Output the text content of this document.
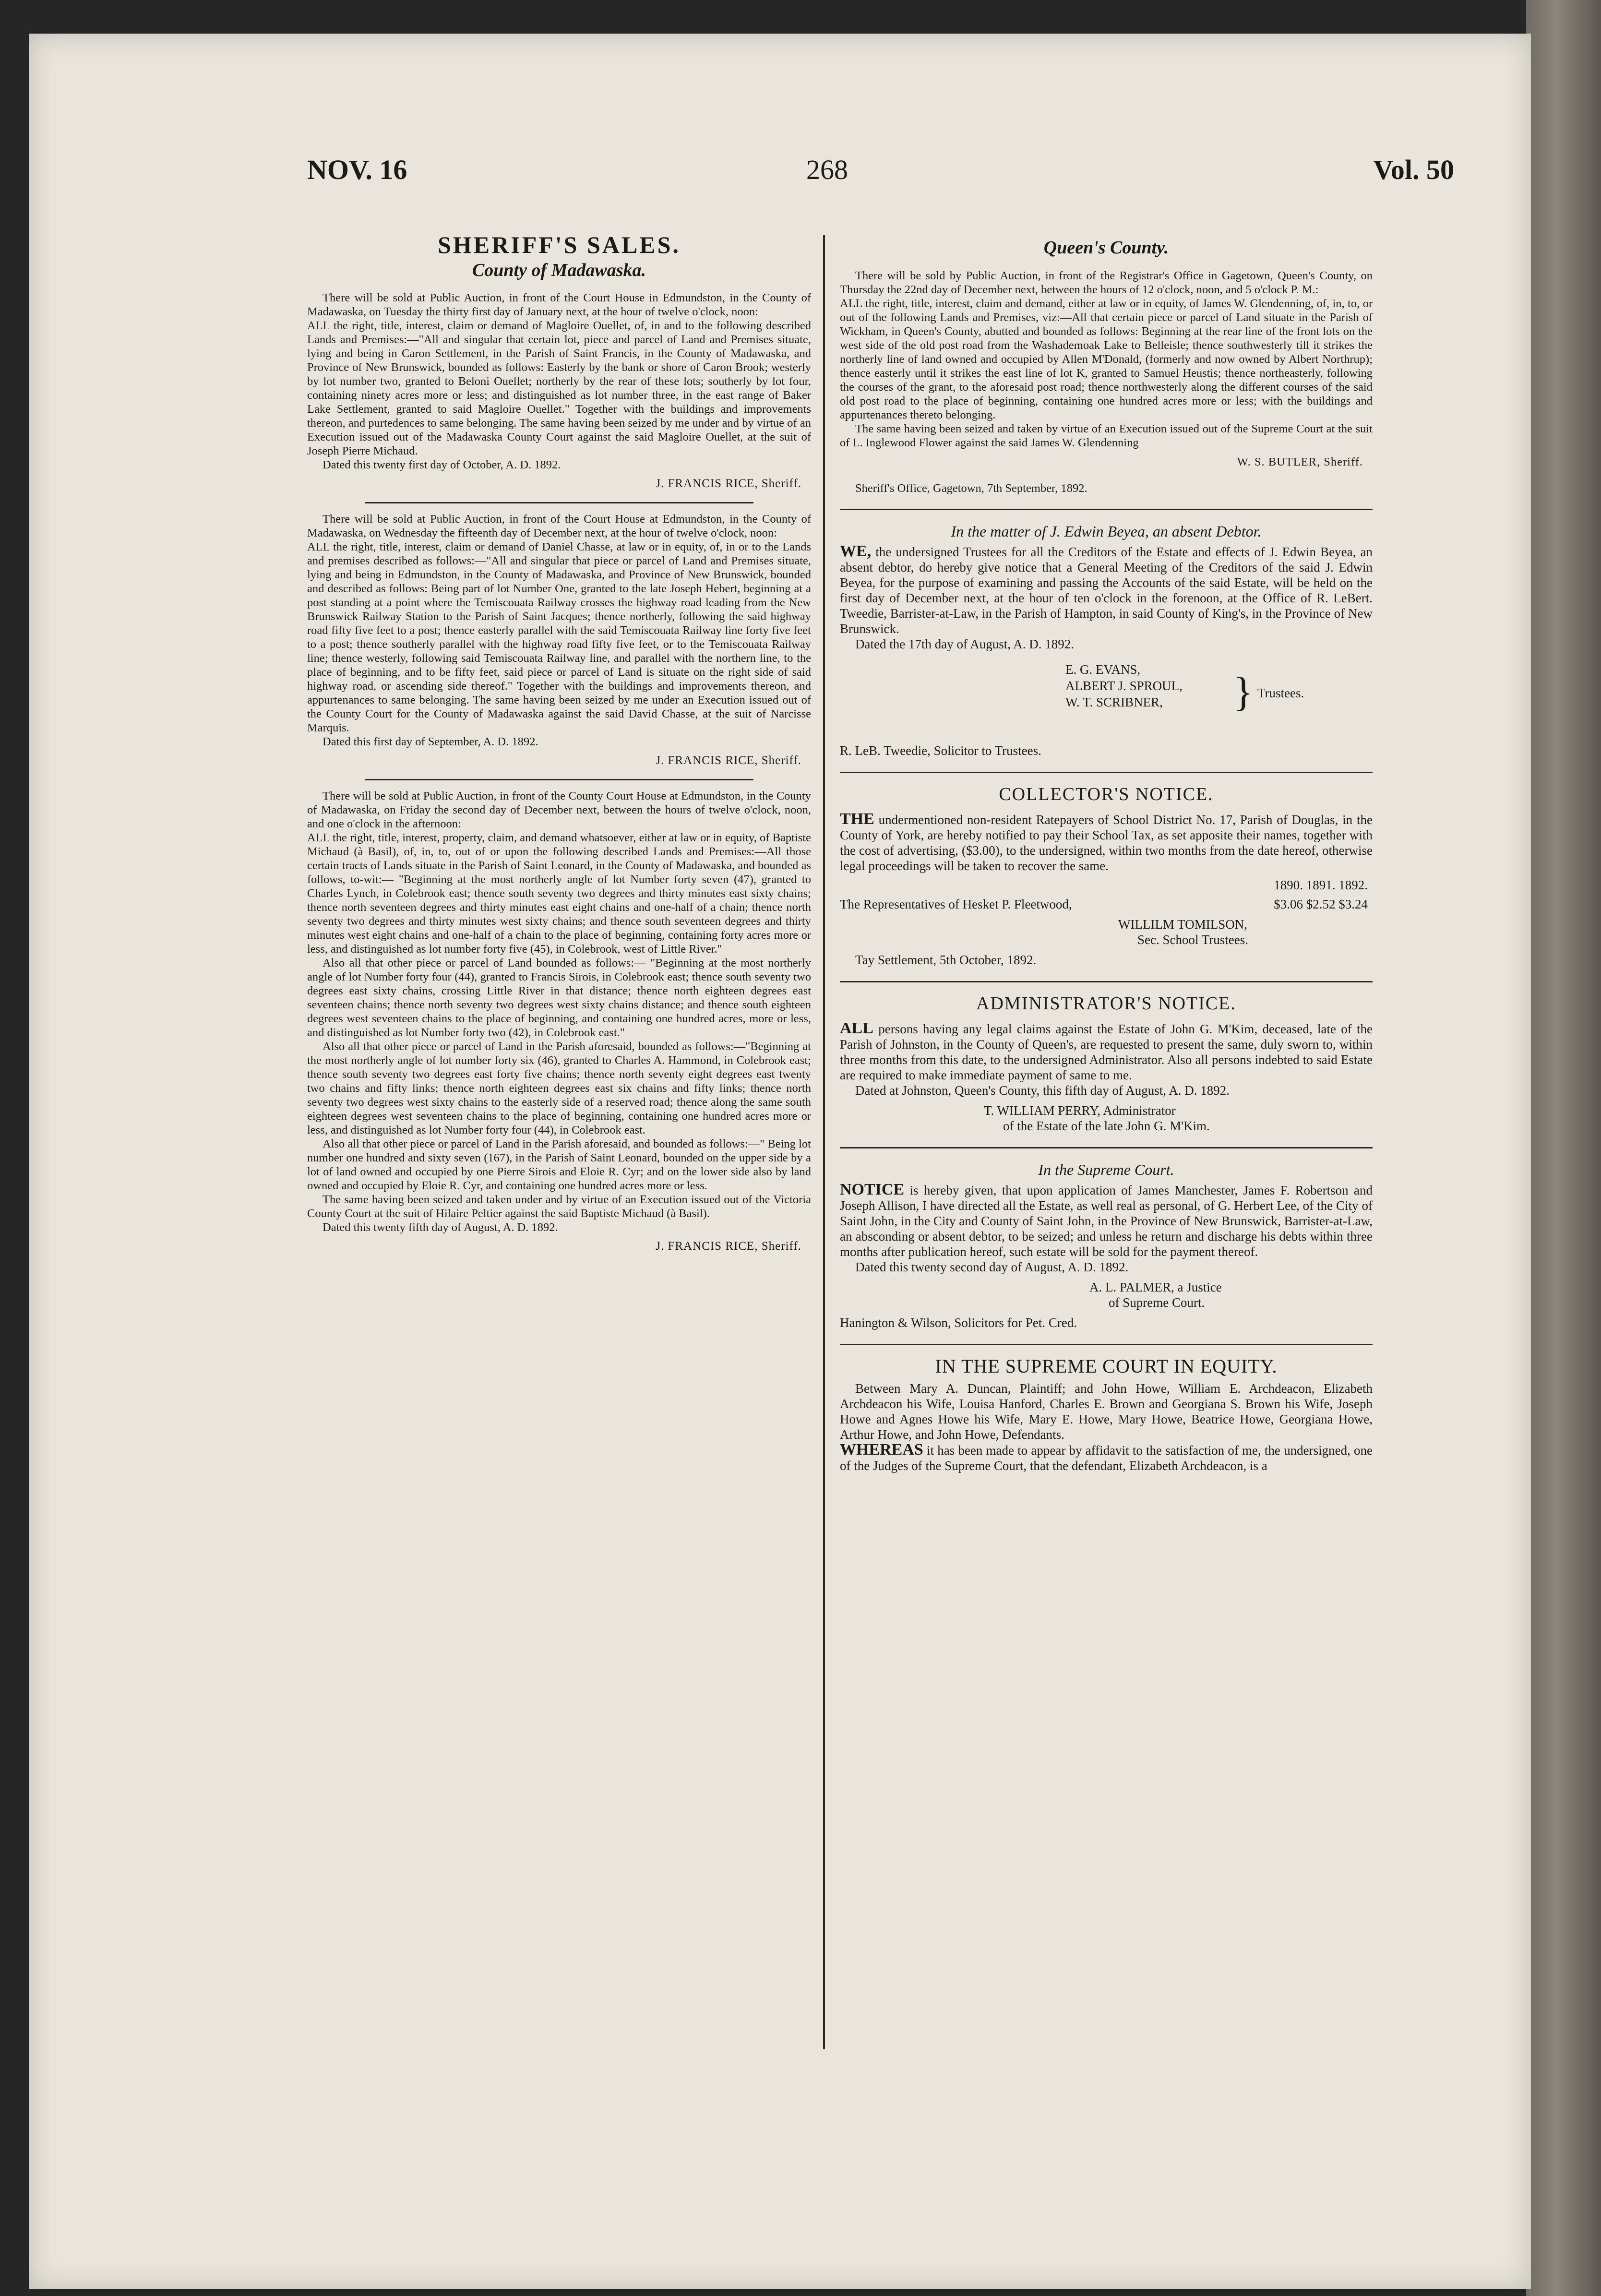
NOV. 16	268	Vol. 50
SHERIFF'S SALES.
County of Madawaska.

There will be sold at Public Auction, in front of the Court House in Edmundston, in the County of Madawaska, on Tuesday the thirty first day of January next, at the hour of twelve o'clock, noon:

ALL the right, title, interest, claim or demand of Magloire Ouellet, of, in and to the following described Lands and Premises:—"All and singular that certain lot, piece and parcel of Land and Premises situate, lying and being in Caron Settlement, in the Parish of Saint Francis, in the County of Madawaska, and Province of New Brunswick, bounded as follows: Easterly by the bank or shore of Caron Brook; westerly by lot number two, granted to Beloni Ouellet; northerly by the rear of these lots; southerly by lot four, containing ninety acres more or less; and distinguished as lot number three, in the east range of Baker Lake Settlement, granted to said Magloire Ouellet." Together with the buildings and improvements thereon, and purtedences to same belonging. The same having been seized by me under and by virtue of an Execution issued out of the Madawaska County Court against the said Magloire Ouellet, at the suit of Joseph Pierre Michaud.

Dated this twenty first day of October, A. D. 1892.

J. FRANCIS RICE, Sheriff.

There will be sold at Public Auction, in front of the Court House at Edmundston, in the County of Madawaska, on Wednesday the fifteenth day of December next, at the hour of twelve o'clock, noon:

ALL the right, title, interest, claim or demand of Daniel Chasse, at law or in equity, of, in or to the Lands and premises described as follows:—"All and singular that piece or parcel of Land and Premises situate, lying and being in Edmundston, in the County of Madawaska, and Province of New Brunswick, bounded and described as follows: Being part of lot Number One, granted to the late Joseph Hebert, beginning at a post standing at a point where the Temiscouata Railway crosses the highway road leading from the New Brunswick Railway Station to the Parish of Saint Jacques; thence northerly, following the said highway road fifty five feet to a post; thence easterly parallel with the said Temiscouata Railway line forty five feet to a post; thence southerly parallel with the highway road fifty five feet, or to the Temiscouata Railway line; thence westerly, following said Temiscouata Railway line, and parallel with the northern line, to the place of beginning, and to be fifty feet, said piece or parcel of Land is situate on the right side of said highway road, or ascending side thereof." Together with the buildings and improvements thereon, and appurtenances to same belonging. The same having been seized by me under an Execution issued out of the County Court for the County of Madawaska against the said David Chasse, at the suit of Narcisse Marquis.

Dated this first day of September, A. D. 1892.

J. FRANCIS RICE, Sheriff.

There will be sold at Public Auction, in front of the County Court House at Edmundston, in the County of Madawaska, on Friday the second day of December next, between the hours of twelve o'clock, noon, and one o'clock in the afternoon:

ALL the right, title, interest, property, claim, and demand whatsoever, either at law or in equity, of Baptiste Michaud (à Basil), of, in, to, out of or upon the following described Lands and Premises:—All those certain tracts of Lands situate in the Parish of Saint Leonard, in the County of Madawaska, and bounded as follows, to-wit:— "Beginning at the most northerly angle of lot Number forty seven (47), granted to Charles Lynch, in Colebrook east; thence south seventy two degrees and thirty minutes east sixty chains; thence north seventeen degrees and thirty minutes east eight chains and one-half of a chain; thence north seventy two degrees and thirty minutes west sixty chains; and thence south seventeen degrees and thirty minutes west eight chains and one-half of a chain to the place of beginning, containing forty acres more or less, and distinguished as lot number forty five (45), in Colebrook, west of Little River."

Also all that other piece or parcel of Land bounded as follows:— "Beginning at the most northerly angle of lot Number forty four (44), granted to Francis Sirois, in Colebrook east; thence south seventy two degrees east sixty chains, crossing Little River in that distance; thence north eighteen degrees east seventeen chains; thence north seventy two degrees west sixty chains distance; and thence south eighteen degrees west seventeen chains to the place of beginning, and containing one hundred acres, more or less, and distinguished as lot Number forty two (42), in Colebrook east."

Also all that other piece or parcel of Land in the Parish aforesaid, bounded as follows:—"Beginning at the most northerly angle of lot number forty six (46), granted to Charles A. Hammond, in Colebrook east; thence south seventy two degrees east forty five chains; thence north seventy eight degrees east twenty two chains and fifty links; thence north eighteen degrees east six chains and fifty links; thence north seventy two degrees west sixty chains to the easterly side of a reserved road; thence along the same south eighteen degrees west seventeen chains to the place of beginning, containing one hundred acres more or less, and distinguished as lot Number forty four (44), in Colebrook east.

Also all that other piece or parcel of Land in the Parish aforesaid, and bounded as follows:—" Being lot number one hundred and sixty seven (167), in the Parish of Saint Leonard, bounded on the upper side by a lot of land owned and occupied by one Pierre Sirois and Eloie R. Cyr; and on the lower side also by land owned and occupied by Eloie R. Cyr, and containing one hundred acres more or less.

The same having been seized and taken under and by virtue of an Execution issued out of the Victoria County Court at the suit of Hilaire Peltier against the said Baptiste Michaud (à Basil).

Dated this twenty fifth day of August, A. D. 1892.

J. FRANCIS RICE, Sheriff.
Queen's County.

There will be sold by Public Auction, in front of the Registrar's Office in Gagetown, Queen's County, on Thursday the 22nd day of December next, between the hours of 12 o'clock, noon, and 5 o'clock P. M.:

ALL the right, title, interest, claim and demand, either at law or in equity, of James W. Glendenning, of, in, to, or out of the following Lands and Premises, viz:—All that certain piece or parcel of Land situate in the Parish of Wickham, in Queen's County, abutted and bounded as follows: Beginning at the rear line of the front lots on the west side of the old post road from the Washademoak Lake to Belleisle; thence southwesterly till it strikes the northerly line of land owned and occupied by Allen M'Donald, (formerly and now owned by Albert Northrup); thence easterly until it strikes the east line of lot K, granted to Samuel Heustis; thence northeasterly, following the courses of the grant, to the aforesaid post road; thence northwesterly along the different courses of the said old post road to the place of beginning, containing one hundred acres more or less; with the buildings and appurtenances thereto belonging.

The same having been seized and taken by virtue of an Execution issued out of the Supreme Court at the suit of L. Inglewood Flower against the said James W. Glendenning

W. S. BUTLER, Sheriff.

Sheriff's Office, Gagetown, 7th September, 1892.

In the matter of J. Edwin Beyea, an absent Debtor.

WE, the undersigned Trustees for all the Creditors of the Estate and effects of J. Edwin Beyea, an absent debtor, do hereby give notice that a General Meeting of the Creditors of the said J. Edwin Beyea, for the purpose of examining and passing the Accounts of the said Estate, will be held on the first day of December next, at the hour of ten o'clock in the forenoon, at the Office of R. LeBert. Tweedie, Barrister-at-Law, in the Parish of Hampton, in said County of King's, in the Province of New Brunswick.

Dated the 17th day of August, A. D. 1892.

E. G. EVANS,
ALBERT J. SPROUL,
W. T. SCRIBNER,	} Trustees.

R. LeB. Tweedie, Solicitor to Trustees.

COLLECTOR'S NOTICE.

THE undermentioned non-resident Ratepayers of School District No. 17, Parish of Douglas, in the County of York, are hereby notified to pay their School Tax, as set apposite their names, together with the cost of advertising, ($3.00), to the undersigned, within two months from the date hereof, otherwise legal proceedings will be taken to recover the same.

1890. 1891. 1892.
The Representatives of Hesket P. Fleetwood,	$3.06 $2.52 $3.24
WILLILM TOMILSON,
Sec. School Trustees.

Tay Settlement, 5th October, 1892.

ADMINISTRATOR'S NOTICE.

ALL persons having any legal claims against the Estate of John G. M'Kim, deceased, late of the Parish of Johnston, in the County of Queen's, are requested to present the same, duly sworn to, within three months from this date, to the undersigned Administrator. Also all persons indebted to said Estate are required to make immediate payment of same to me.

Dated at Johnston, Queen's County, this fifth day of August, A. D. 1892.

T. WILLIAM PERRY, Administrator
of the Estate of the late John G. M'Kim.
In the Supreme Court.

NOTICE is hereby given, that upon application of James Manchester, James F. Robertson and Joseph Allison, I have directed all the Estate, as well real as personal, of G. Herbert Lee, of the City of Saint John, in the City and County of Saint John, in the Province of New Brunswick, Barrister-at-Law, an absconding or absent debtor, to be seized; and unless he return and discharge his debts within three months after publication hereof, such estate will be sold for the payment thereof.

Dated this twenty second day of August, A. D. 1892.

A. L. PALMER, a Justice
of Supreme Court.

Hanington & Wilson, Solicitors for Pet. Cred.

IN THE SUPREME COURT IN EQUITY.

Between Mary A. Duncan, Plaintiff; and John Howe, William E. Archdeacon, Elizabeth Archdeacon his Wife, Louisa Hanford, Charles E. Brown and Georgiana S. Brown his Wife, Joseph Howe and Agnes Howe his Wife, Mary E. Howe, Mary Howe, Beatrice Howe, Georgiana Howe, Arthur Howe, and John Howe, Defendants.

WHEREAS it has been made to appear by affidavit to the satisfaction of me, the undersigned, one of the Judges of the Supreme Court, that the defendant, Elizabeth Archdeacon, is a
